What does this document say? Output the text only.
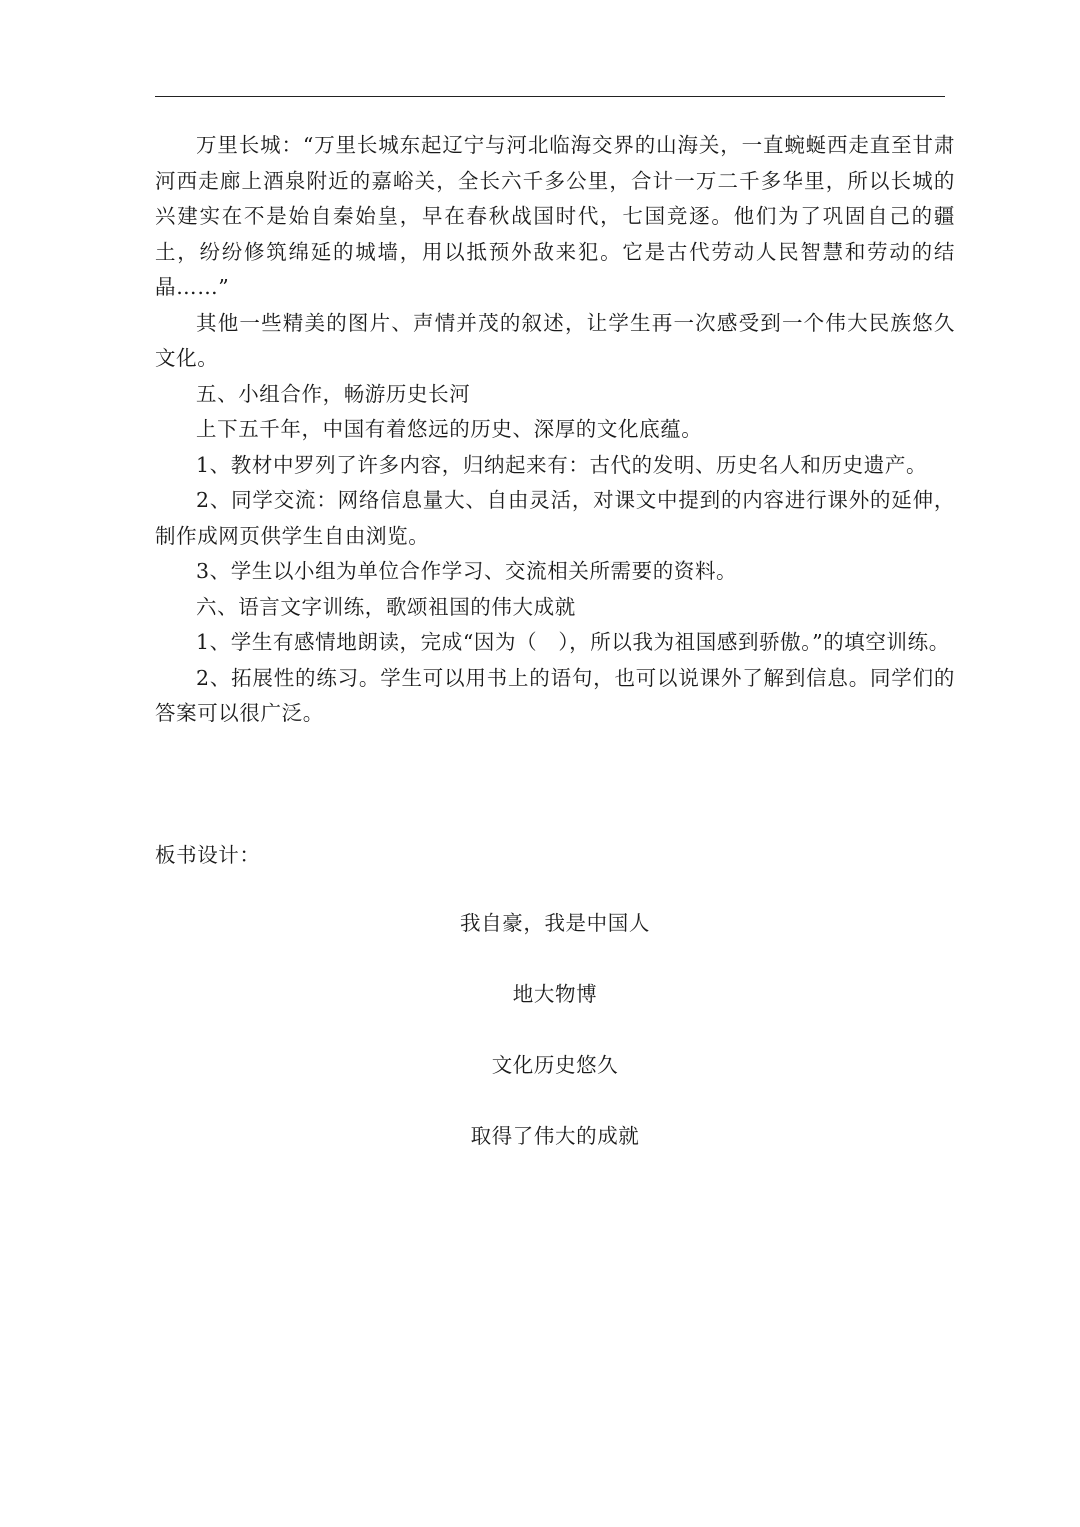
万里长城：“万里长城东起辽宁与河北临海交界的山海关，一直蜿蜒西走直至甘肃河西走廊上酒泉附近的嘉峪关，全长六千多公里，合计一万二千多华里，所以长城的兴建实在不是始自秦始皇，早在春秋战国时代，七国竞逐。他们为了巩固自己的疆土，纷纷修筑绵延的城墙，用以抵预外敌来犯。它是古代劳动人民智慧和劳动的结晶……”

其他一些精美的图片、声情并茂的叙述，让学生再一次感受到一个伟大民族悠久文化。

五、小组合作，畅游历史长河

上下五千年，中国有着悠远的历史、深厚的文化底蕴。

1、教材中罗列了许多内容，归纳起来有：古代的发明、历史名人和历史遗产。

2、同学交流：网络信息量大、自由灵活，对课文中提到的内容进行课外的延伸，制作成网页供学生自由浏览。

3、学生以小组为单位合作学习、交流相关所需要的资料。

六、语言文字训练，歌颂祖国的伟大成就

1、学生有感情地朗读，完成“因为（　），所以我为祖国感到骄傲。”的填空训练。

2、拓展性的练习。学生可以用书上的语句，也可以说课外了解到信息。同学们的答案可以很广泛。

板书设计：

我自豪，我是中国人

地大物博

文化历史悠久

取得了伟大的成就
